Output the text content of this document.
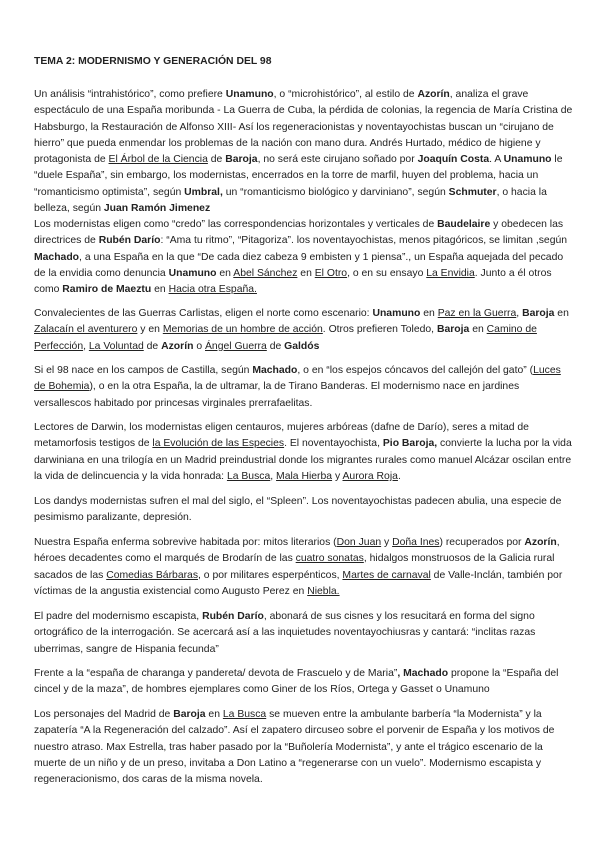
TEMA 2: MODERNISMO Y GENERACIÓN DEL 98

Un análisis “intrahistórico”, como prefiere Unamuno, o “microhistórico”, al estilo de Azorín, analiza el grave espectáculo de una España moribunda - La Guerra de Cuba, la pérdida de colonias, la regencia de María Cristina de Habsburgo, la Restauración de Alfonso XIII- Así los regeneracionistas y noventayochistas buscan un “cirujano de hierro” que pueda enmendar los problemas de la nación con mano dura. Andrés Hurtado, médico de higiene y protagonista de El Árbol de la Ciencia de Baroja, no será este cirujano soñado por Joaquín Costa. A Unamuno le “duele España”, sin embargo, los modernistas, encerrados en la torre de marfil, huyen del problema, hacia un “romanticismo optimista”, según Umbral, un “romanticismo biológico y darviniano”, según Schmuter, o hacia la belleza, según Juan Ramón Jimenez

Los modernistas eligen como “credo” las correspondencias horizontales y verticales de Baudelaire y obedecen las directrices de Rubén Darío: “Ama tu ritmo”, “Pitagoriza”. los noventayochistas, menos pitagóricos, se limitan ,según Machado, a una España en la que “De cada diez cabeza 9 embisten y 1 piensa”., un España aquejada del pecado de la envidia como denuncia Unamuno en Abel Sánchez en El Otro, o en su ensayo La Envidia. Junto a él otros como Ramiro de Maeztu en Hacia otra España.

Convalecientes de las Guerras Carlistas, eligen el norte como escenario: Unamuno en Paz en la Guerra, Baroja en Zalacaín el aventurero y en Memorias de un hombre de acción. Otros prefieren Toledo, Baroja en Camino de Perfección, La Voluntad de Azorín o Ángel Guerra de Galdós

Si el 98 nace en los campos de Castilla, según Machado, o en “los espejos cóncavos del callejón del gato” (Luces de Bohemia), o en la otra España, la de ultramar, la de Tirano Banderas. El modernismo nace en jardines versallescos habitado por princesas virginales prerrafaelitas.

Lectores de Darwin, los modernistas eligen centauros, mujeres arbóreas (dafne de Darío), seres a mitad de metamorfosis testigos de la Evolución de las Especies. El noventayochista, Pio Baroja, convierte la lucha por la vida darwiniana en una trilogía en un Madrid preindustrial donde los migrantes rurales como manuel Alcázar oscilan entre la vida de delincuencia y la vida honrada: La Busca, Mala Hierba y Aurora Roja.

Los dandys modernistas sufren el mal del siglo, el “Spleen”. Los noventayochistas padecen abulia, una especie de pesimismo paralizante, depresión.

Nuestra España enferma sobrevive habitada por: mitos literarios (Don Juan y Doña Ines) recuperados por Azorín, héroes decadentes como el marqués de Brodarín de las cuatro sonatas, hidalgos monstruosos de la Galicia rural sacados de las Comedias Bárbaras, o por militares esperpénticos, Martes de carnaval de Valle-Inclán, también por víctimas de la angustia existencial como Augusto Perez en Niebla.

El padre del modernismo escapista, Rubén Darío, abonará de sus cisnes y los resucitará en forma del signo ortográfico de la interrogación. Se acercará así a las inquietudes noventayochiusras y cantará: “inclitas razas uberrimas, sangre de Hispania fecunda”

Frente a la “españa de charanga y pandereta/ devota de Frascuelo y de Maria”, Machado propone la “España del cincel y de la maza”, de hombres ejemplares como Giner de los Ríos, Ortega y Gasset o Unamuno

Los personajes del Madrid de Baroja en La Busca se mueven entre la ambulante barbería “la Modernista” y la zapatería “A la Regeneración del calzado”. Así el zapatero dircuseo sobre el porvenir de España y los motivos de nuestro atraso. Max Estrella, tras haber pasado por la “Buñolería Modernista”, y ante el trágico escenario de la muerte de un niño y de un preso, invitaba a Don Latino a “regenerarse con un vuelo”. Modernismo escapista y regeneracionismo, dos caras de la misma novela.
